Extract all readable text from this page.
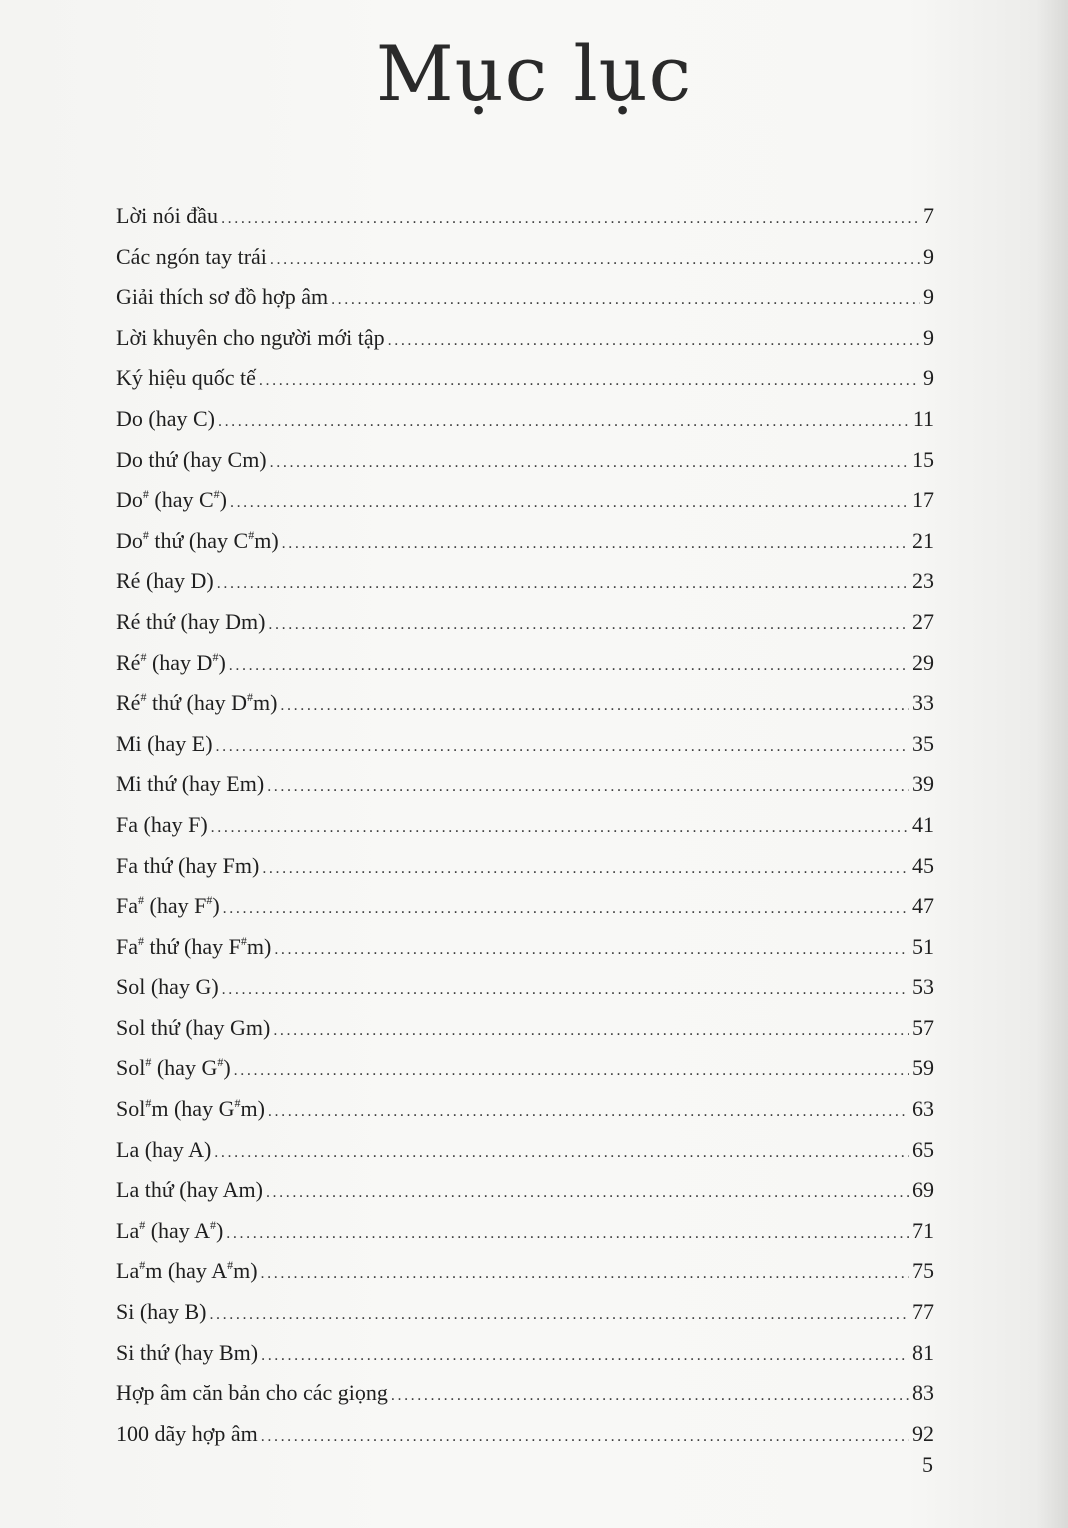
Mục lục
Lời nói đầu .....	7
Các ngón tay trái .....	9
Giải thích sơ đồ hợp âm .....	9
Lời khuyên cho người mới tập .....	9
Ký hiệu quốc tế .....	9
Do (hay C) .....	11
Do thứ (hay Cm) .....	15
Do# (hay C#) .....	17
Do# thứ (hay C#m) .....	21
Ré (hay D) .....	23
Ré thứ (hay Dm) .....	27
Ré# (hay D#) .....	29
Ré# thứ (hay D#m) .....	33
Mi (hay E) .....	35
Mi thứ (hay Em) .....	39
Fa (hay F) .....	41
Fa thứ (hay Fm) .....	45
Fa# (hay F#) .....	47
Fa# thứ (hay F#m) .....	51
Sol (hay G) .....	53
Sol thứ (hay Gm) .....	57
Sol# (hay G#) .....	59
Sol#m (hay G#m) .....	63
La (hay A) .....	65
La thứ (hay Am) .....	69
La# (hay A#) .....	71
La#m (hay A#m) .....	75
Si (hay B) .....	77
Si thứ (hay Bm) .....	81
Hợp âm căn bản cho các giọng .....	83
100 dãy hợp âm .....	92
5
